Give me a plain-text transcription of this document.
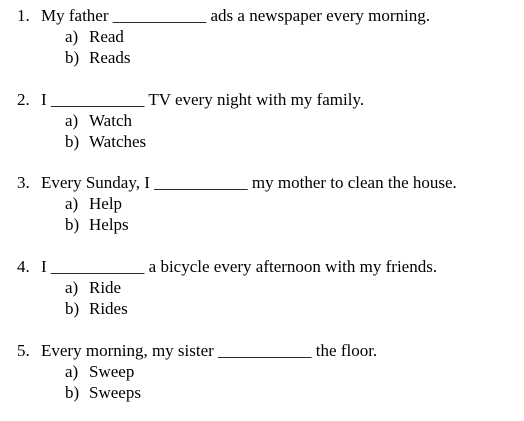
1. My father ___________ ads a newspaper every morning.
a) Read
b) Reads
2. I ___________ TV every night with my family.
a) Watch
b) Watches
3. Every Sunday, I ___________ my mother to clean the house.
a) Help
b) Helps
4. I ___________ a bicycle every afternoon with my friends.
a) Ride
b) Rides
5. Every morning, my sister ___________ the floor.
a) Sweep
b) Sweeps
